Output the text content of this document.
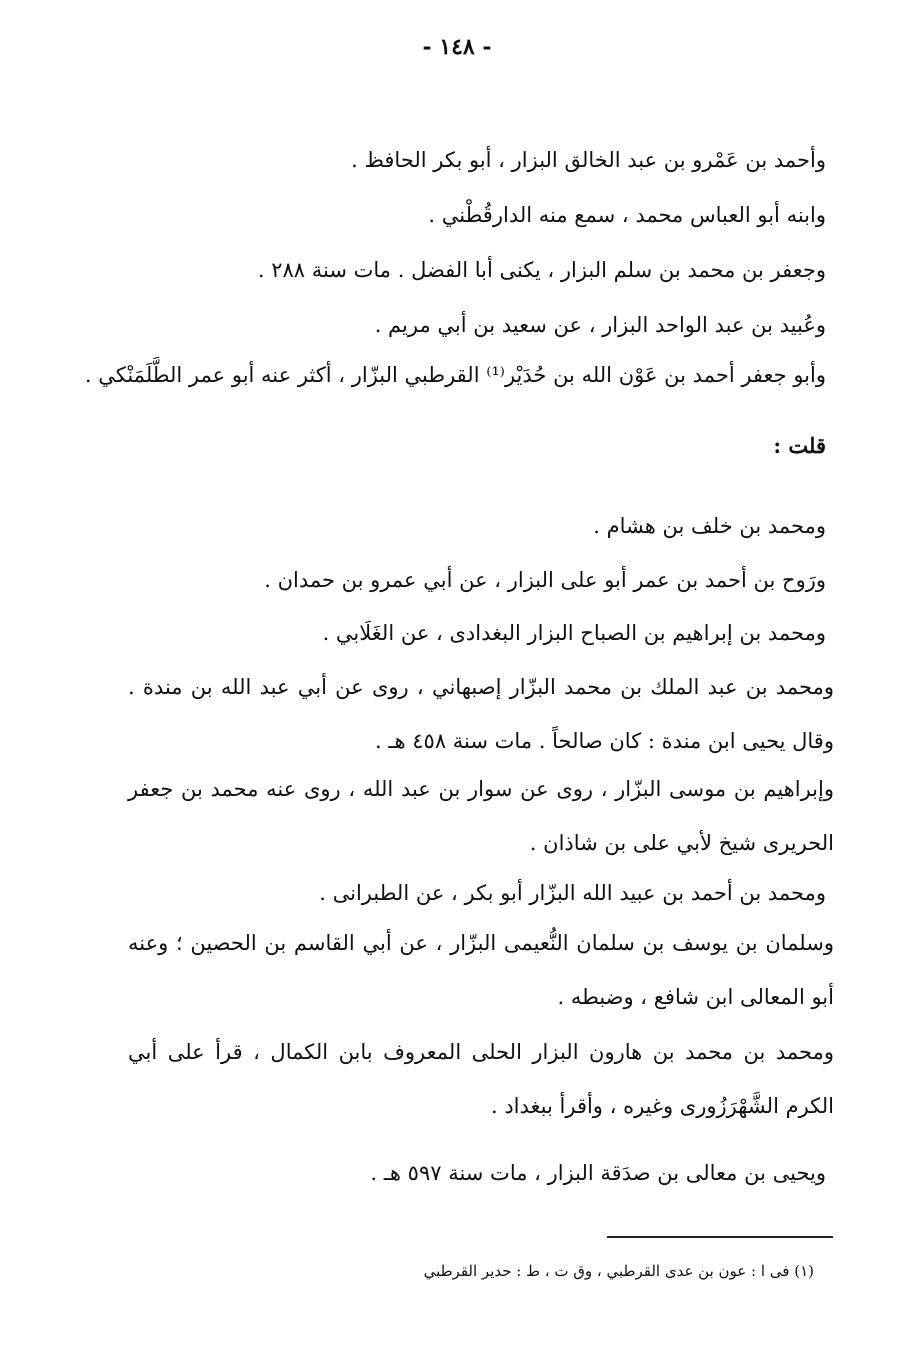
- ١٤٨ -
وأحمد بن عَمْرو بن عبد الخالق البزار ، أبو بكر الحافظ .
وابنه أبو العباس محمد ، سمع منه الدارقُطْني .
وجعفر بن محمد بن سلم البزار ، يكنى أبا الفضل . مات سنة ٢٨٨ .
وعُبيد بن عبد الواحد البزار ، عن سعيد بن أبي مريم .
وأبو جعفر أحمد بن عَوْن الله بن حُدَيْر⁽¹⁾ القرطبي البزّار ، أكثر عنه أبو عمر الطَّلَمَنْكي .
قلت :
ومحمد بن خلف بن هشام .
ورَوح بن أحمد بن عمر أبو على البزار ، عن أبي عمرو بن حمدان .
ومحمد بن إبراهيم بن الصباح البزار البغدادى ، عن الغَلَابي .
ومحمد بن عبد الملك بن محمد البزّار إصبهاني ، روى عن أبي عبد الله بن مندة . وقال يحيى ابن مندة : كان صالحاً . مات سنة ٤٥٨ هـ .
وإبراهيم بن موسى البزّار ، روى عن سوار بن عبد الله ، روى عنه محمد بن جعفر الحريرى شيخ لأبي على بن شاذان .
ومحمد بن أحمد بن عبيد الله البزّار أبو بكر ، عن الطبرانى .
وسلمان بن يوسف بن سلمان النُّعيمى البزّار ، عن أبي القاسم بن الحصين ؛ وعنه أبو المعالى ابن شافع ، وضبطه .
ومحمد بن محمد بن هارون البزار الحلى المعروف بابن الكمال ، قرأ على أبي الكرم الشَّهْرَزُورى وغيره ، وأقرأ ببغداد .
ويحيى بن معالى بن صدَقة البزار ، مات سنة ٥٩٧ هـ .
(١) فى ا : عون بن عدى القرطبي ، وق ت ، ط : حدير القرطبي
